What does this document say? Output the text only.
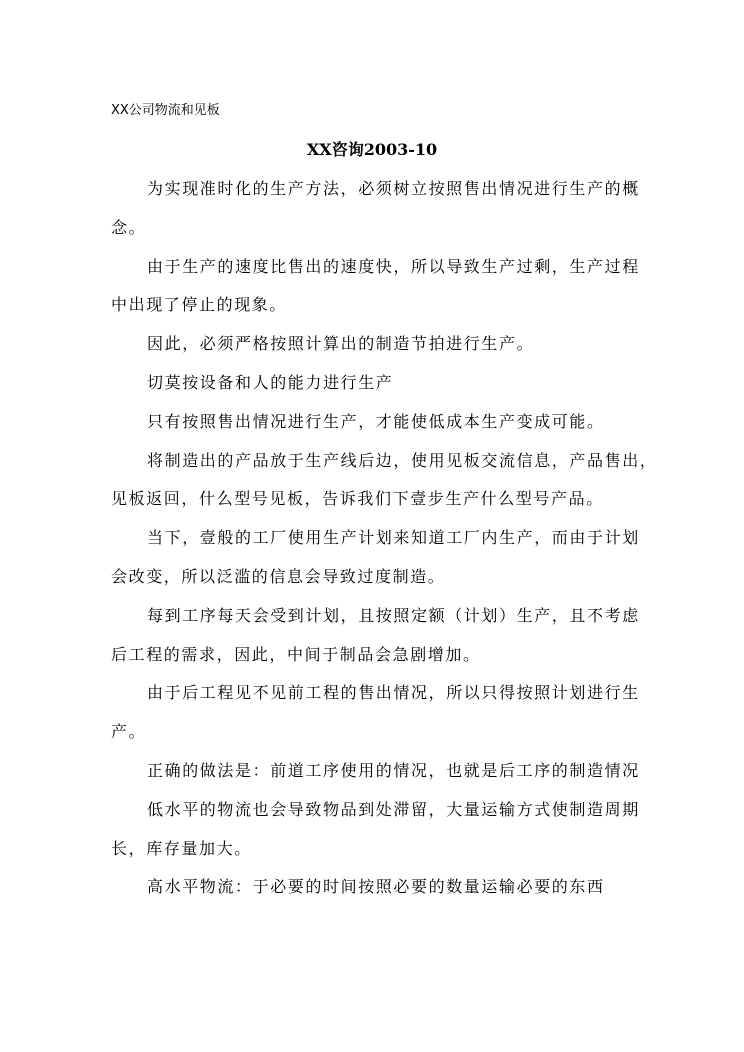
XX公司物流和见板
XX咨询2003-10
为实现准时化的生产方法，必须树立按照售出情况进行生产的概
念。
由于生产的速度比售出的速度快，所以导致生产过剩，生产过程
中出现了停止的现象。
因此，必须严格按照计算出的制造节拍进行生产。
切莫按设备和人的能力进行生产
只有按照售出情况进行生产，才能使低成本生产变成可能。
将制造出的产品放于生产线后边，使用见板交流信息，产品售出，
见板返回，什么型号见板，告诉我们下壹步生产什么型号产品。
当下，壹般的工厂使用生产计划来知道工厂内生产，而由于计划
会改变，所以泛滥的信息会导致过度制造。
每到工序每天会受到计划，且按照定额（计划）生产，且不考虑
后工程的需求，因此，中间于制品会急剧增加。
由于后工程见不见前工程的售出情况，所以只得按照计划进行生
产。
正确的做法是：前道工序使用的情况，也就是后工序的制造情况
低水平的物流也会导致物品到处滞留，大量运输方式使制造周期
长，库存量加大。
高水平物流：于必要的时间按照必要的数量运输必要的东西
